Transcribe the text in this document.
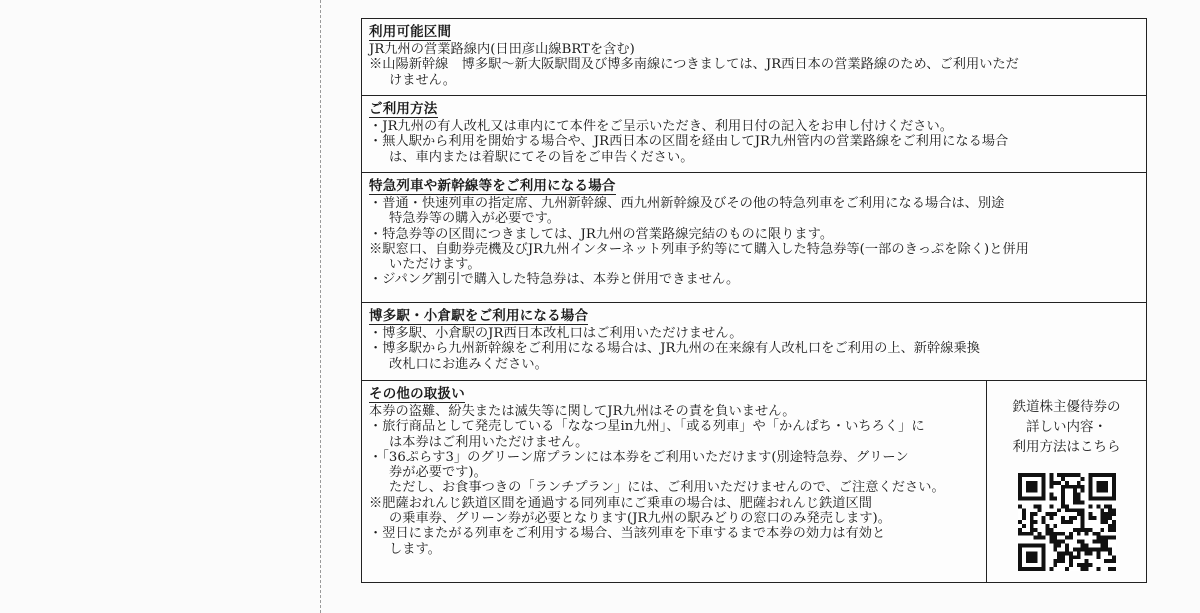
利用可能区間
JR九州の営業路線内(日田彦山線BRTを含む)
※山陽新幹線　博多駅～新大阪駅間及び博多南線につきましては、JR西日本の営業路線のため、ご利用いただ
けません。
ご利用方法
・JR九州の有人改札又は車内にて本件をご呈示いただき、利用日付の記入をお申し付けください。
・無人駅から利用を開始する場合や、JR西日本の区間を経由してJR九州管内の営業路線をご利用になる場合
は、車内または着駅にてその旨をご申告ください。
特急列車や新幹線等をご利用になる場合
・普通・快速列車の指定席、九州新幹線、西九州新幹線及びその他の特急列車をご利用になる場合は、別途
特急券等の購入が必要です。
・特急券等の区間につきましては、JR九州の営業路線完結のものに限ります。
※駅窓口、自動券売機及びJR九州インターネット列車予約等にて購入した特急券等(一部のきっぷを除く)と併用
いただけます。
・ジパング割引で購入した特急券は、本券と併用できません。
博多駅・小倉駅をご利用になる場合
・博多駅、小倉駅のJR西日本改札口はご利用いただけません。
・博多駅から九州新幹線をご利用になる場合は、JR九州の在来線有人改札口をご利用の上、新幹線乗換
改札口にお進みください。
その他の取扱い
本券の盗難、紛失または滅失等に関してJR九州はその責を負いません。
・旅行商品として発売している「ななつ星in九州」、「或る列車」や「かんぱち・いちろく」に
は本券はご利用いただけません。
・「36ぷらす3」のグリーン席プランには本券をご利用いただけます(別途特急券、グリーン
券が必要です)。
ただし、お食事つきの「ランチプラン」には、ご利用いただけませんので、ご注意ください。
※肥薩おれんじ鉄道区間を通過する同列車にご乗車の場合は、肥薩おれんじ鉄道区間
の乗車券、グリーン券が必要となります(JR九州の駅みどりの窓口のみ発売します)。
・翌日にまたがる列車をご利用する場合、当該列車を下車するまで本券の効力は有効と
します。
鉄道株主優待券の
詳しい内容・
利用方法はこちら
